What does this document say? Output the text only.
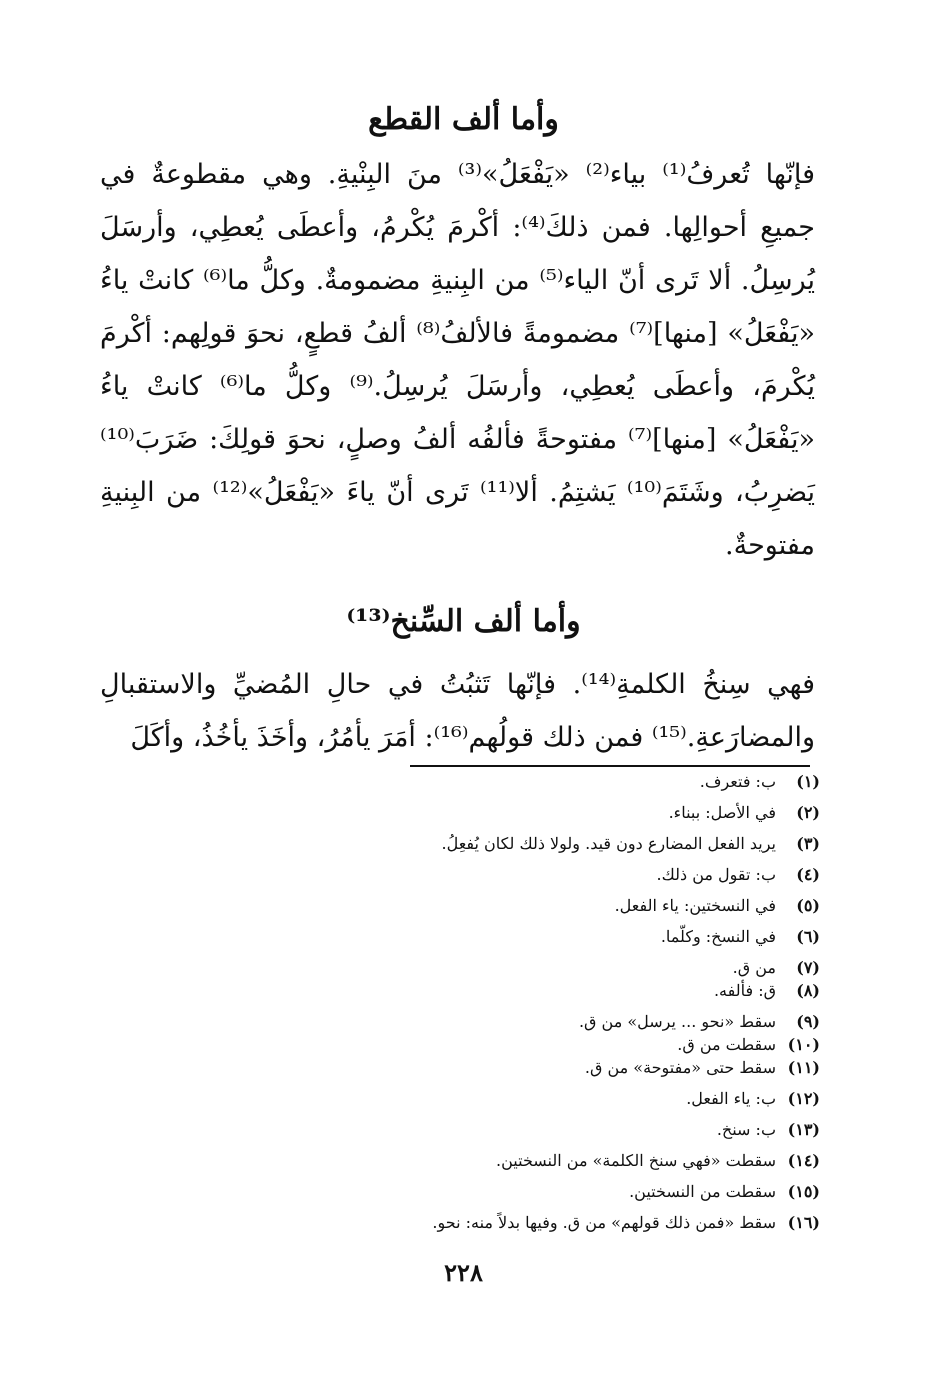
وأما ألف القطع

فإنّها تُعرفُ⁽¹⁾ بياء⁽²⁾ «يَفْعَلُ»⁽³⁾ منَ البِنْيةِ. وهي مقطوعةٌ في جميعِ أحوالِها. فمن ذلكَ⁽⁴⁾: أكْرمَ يُكْرمُ، وأعطَى يُعطِي، وأرسَلَ يُرسِلُ. ألا تَرى أنّ الياء⁽⁵⁾ من البِنيةِ مضمومةٌ. وكلُّ ما⁽⁶⁾ كانتْ ياءُ «يَفْعَلُ» [منها]⁽⁷⁾ مضمومةً فالألفُ⁽⁸⁾ ألفُ قطعٍ، نحوَ قولِهم: أكْرمَ يُكْرمَ، وأعطَى يُعطِي، وأرسَلَ يُرسِلُ.⁽⁹⁾ وكلُّ ما⁽⁶⁾ كانتْ ياءُ «يَفْعَلُ» [منها]⁽⁷⁾ مفتوحةً فألفُه ألفُ وصلٍ، نحوَ قولِكَ: ضَرَبَ⁽¹⁰⁾ يَضرِبُ، وشَتَمَ⁽¹⁰⁾ يَشتِمُ. ألا⁽¹¹⁾ تَرى أنّ ياءَ «يَفْعَلُ»⁽¹²⁾ من البِنيةِ مفتوحةٌ.

وأما ألف السِّنخ⁽¹³⁾

فهي سِنخُ الكلمةِ⁽¹⁴⁾. فإنّها تَثبُتُ في حالِ المُضيِّ والاستقبالِ والمضارَعةِ.⁽¹⁵⁾ فمن ذلك قولُهم⁽¹⁶⁾: أمَرَ يأمُرُ، وأخَذَ يأخُذُ، وأكَلَ

(١)
ب: فتعرف.
(٢)
في الأصل: ببناء.
(٣)
يريد الفعل المضارع دون قيد. ولولا ذلك لكان يُفعِلُ.
(٤)
ب: تقول من ذلك.
(٥)
في النسختين: ياء الفعل.
(٦)
في النسخ: وكلّما.
(٧)
من ق.
(٨)
ق: فألفه.
(٩)
سقط «نحو ... يرسل» من ق.
(١٠)
سقطت من ق.
(١١)
سقط حتى «مفتوحة» من ق.
(١٢)
ب: ياء الفعل.
(١٣)
ب: سنخ.
(١٤)
سقطت «فهي سنخ الكلمة» من النسختين.
(١٥)
سقطت من النسختين.
(١٦)
سقط «فمن ذلك قولهم» من ق. وفيها بدلاً منه: نحو.
٢٢٨
